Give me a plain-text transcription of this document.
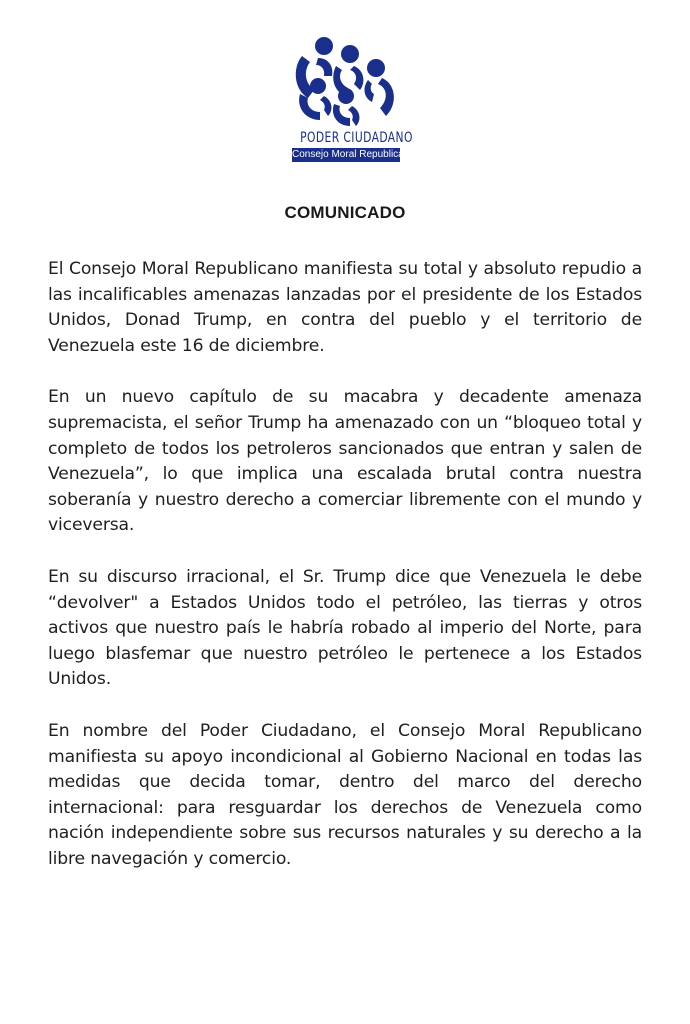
PODER CIUDADANO
Consejo Moral Republicano
COMUNICADO

El Consejo Moral Republicano manifiesta su total y absoluto repudio a las incalificables amenazas lanzadas por el presidente de los Estados Unidos, Donad Trump, en contra del pueblo y el territorio de Venezuela este 16 de diciembre.

En un nuevo capítulo de su macabra y decadente amenaza supremacista, el señor Trump ha amenazado con un “bloqueo total y completo de todos los petroleros sancionados que entran y salen de Venezuela”, lo que implica una escalada brutal contra nuestra soberanía y nuestro derecho a comerciar libremente con el mundo y viceversa.

En su discurso irracional, el Sr. Trump dice que Venezuela le debe “devolver" a Estados Unidos todo el petróleo, las tierras y otros activos que nuestro país le habría robado al imperio del Norte, para luego blasfemar que nuestro petróleo le pertenece a los Estados Unidos.

En nombre del Poder Ciudadano, el Consejo Moral Republicano manifiesta su apoyo incondicional al Gobierno Nacional en todas las medidas que decida tomar, dentro del marco del derecho internacional: para resguardar los derechos de Venezuela como nación independiente sobre sus recursos naturales y su derecho a la libre navegación y comercio.
